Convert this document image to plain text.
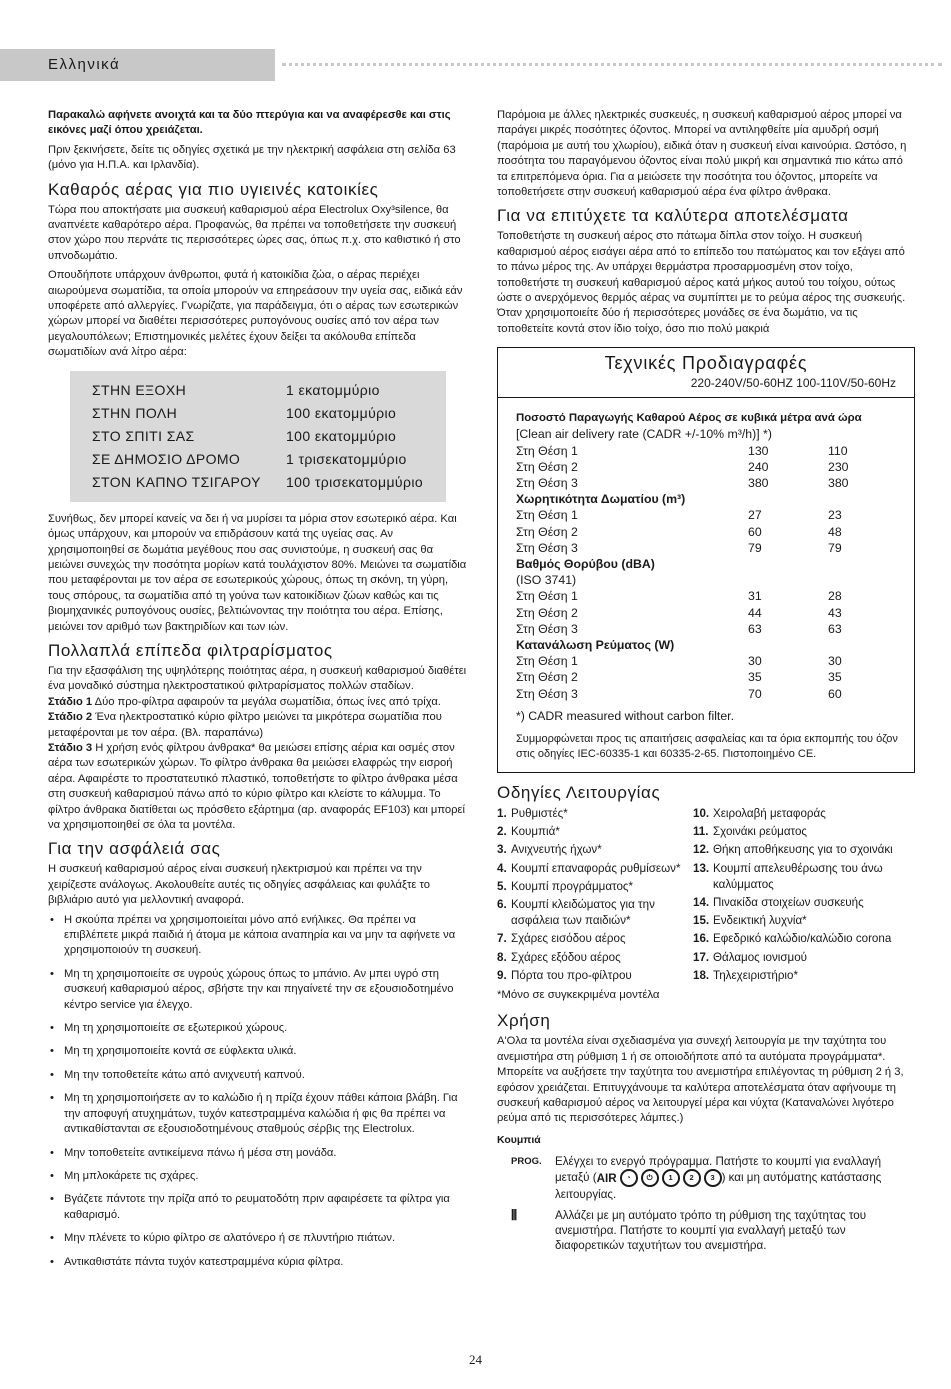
Ελληνικά

Παρακαλώ αφήνετε ανοιχτά και τα δύο πτερύγια και να αναφέρεσθε και στις εικόνες μαζί όπου χρειάζεται.

Πριν ξεκινήσετε, δείτε τις οδηγίες σχετικά με την ηλεκτρική ασφάλεια στη σελίδα 63 (μόνο για Η.Π.Α. και Ιρλανδία).

Καθαρός αέρας για πιο υγιεινές κατοικίες

Τώρα που αποκτήσατε μια συσκευή καθαρισμού αέρα Electrolux Oxy³silence, θα αναπνέετε καθαρότερο αέρα. Προφανώς, θα πρέπει να τοποθετήσετε την συσκευή στον χώρο που περνάτε τις περισσότερες ώρες σας, όπως π.χ. στο καθιστικό ή στο υπνοδωμάτιο.

Οπουδήποτε υπάρχουν άνθρωποι, φυτά ή κατοικίδια ζώα, ο αέρας περιέχει αιωρούμενα σωματίδια, τα οποία μπορούν να επηρεάσουν την υγεία σας, ειδικά εάν υποφέρετε από αλλεργίες. Γνωρίζατε, για παράδειγμα, ότι ο αέρας των εσωτερικών χώρων μπορεί να διαθέτει περισσότερες ρυπογόνους ουσίες από τον αέρα των μεγαλουπόλεων; Επιστημονικές μελέτες έχουν δείξει τα ακόλουθα επίπεδα σωματιδίων ανά λίτρο αέρα:

ΣΤΗΝ ΕΞΟΧΗ	1 εκατομμύριο
ΣΤΗΝ ΠΟΛΗ	100 εκατομμύριο
ΣΤΟ ΣΠΙΤΙ ΣΑΣ	100 εκατομμύριο
ΣΕ ΔΗΜΟΣΙΟ ΔΡΟΜΟ	1 τρισεκατομμύριο
ΣΤΟΝ ΚΑΠΝΟ ΤΣΙΓΑΡΟΥ	100 τρισεκατομμύριο

Συνήθως, δεν μπορεί κανείς να δει ή να μυρίσει τα μόρια στον εσωτερικό αέρα. Και όμως υπάρχουν, και μπορούν να επιδράσουν κατά της υγείας σας. Αν χρησιμοποιηθεί σε δωμάτια μεγέθους που σας συνιστούμε, η συσκευή σας θα μειώνει συνεχώς την ποσότητα μορίων κατά τουλάχιστον 80%. Μειώνει τα σωματίδια που μεταφέρονται με τον αέρα σε εσωτερικούς χώρους, όπως τη σκόνη, τη γύρη, τους σπόρους, τα σωματίδια από τη γούνα των κατοικίδιων ζώων καθώς και τις βιομηχανικές ρυπογόνους ουσίες, βελτιώνοντας την ποιότητα του αέρα. Επίσης, μειώνει τον αριθμό των βακτηριδίων και των ιών.

Πολλαπλά επίπεδα φιλτραρίσματος

Για την εξασφάλιση της υψηλότερης ποιότητας αέρα, η συσκευή καθαρισμού διαθέτει ένα μοναδικό σύστημα ηλεκτροστατικού φιλτραρίσματος πολλών σταδίων.

Στάδιο 1 Δύο προ-φίλτρα αφαιρούν τα μεγάλα σωματίδια, όπως ίνες από τρίχα.

Στάδιο 2 Ένα ηλεκτροστατικό κύριο φίλτρο μειώνει τα μικρότερα σωματίδια που μεταφέρονται με τον αέρα. (Βλ. παραπάνω)

Στάδιο 3 Η χρήση ενός φίλτρου άνθρακα* θα μειώσει επίσης αέρια και οσμές στον αέρα των εσωτερικών χώρων. Το φίλτρο άνθρακα θα μειώσει ελαφρώς την εισροή αέρα. Αφαιρέστε το προστατευτικό πλαστικό, τοποθετήστε το φίλτρο άνθρακα μέσα στη συσκευή καθαρισμού πάνω από το κύριο φίλτρο και κλείστε το κάλυμμα. Το φίλτρο άνθρακα διατίθεται ως πρόσθετο εξάρτημα (αρ. αναφοράς EF103) και μπορεί να χρησιμοποιηθεί σε όλα τα μοντέλα.

Για την ασφάλειά σας

Η συσκευή καθαρισμού αέρος είναι συσκευή ηλεκτρισμού και πρέπει να την χειρίζεστε ανάλογως. Ακολουθείτε αυτές τις οδηγίες ασφάλειας και φυλάξτε το βιβλιάριο αυτό για μελλοντική αναφορά.

• Η σκούπα πρέπει να χρησιμοποιείται μόνο από ενήλικες. Θα πρέπει να επιβλέπετε μικρά παιδιά ή άτομα με κάποια αναπηρία και να μην τα αφήνετε να χρησιμοποιούν τη συσκευή.
• Μη τη χρησιμοποιείτε σε υγρούς χώρους όπως το μπάνιο. Αν μπει υγρό στη συσκευή καθαρισμού αέρος, σβήστε την και πηγαίνετέ την σε εξουσιοδοτημένο κέντρο service για έλεγχο.
• Μη τη χρησιμοποιείτε σε εξωτερικού χώρους.
• Μη τη χρησιμοποιείτε κοντά σε εύφλεκτα υλικά.
• Μη την τοποθετείτε κάτω από ανιχνευτή καπνού.
• Μη τη χρησιμοποιήσετε αν το καλώδιο ή η πρίζα έχουν πάθει κάποια βλάβη. Για την αποφυγή ατυχημάτων, τυχόν κατεστραμμένα καλώδια ή φις θα πρέπει να αντικαθίστανται σε εξουσιοδοτημένους σταθμούς σέρβις της Electrolux.
• Μην τοποθετείτε αντικείμενα πάνω ή μέσα στη μονάδα.
• Μη μπλοκάρετε τις σχάρες.
• Βγάζετε πάντοτε την πρίζα από το ρευματοδότη πριν αφαιρέσετε τα φίλτρα για καθαρισμό.
• Μην πλένετε το κύριο φίλτρο σε αλατόνερο ή σε πλυντήριο πιάτων.
• Αντικαθιστάτε πάντα τυχόν κατεστραμμένα κύρια φίλτρα.

Παρόμοια με άλλες ηλεκτρικές συσκευές, η συσκευή καθαρισμού αέρος μπορεί να παράγει μικρές ποσότητες όζοντος. Μπορεί να αντιληφθείτε μία αμυδρή οσμή (παρόμοια με αυτή του χλωρίου), ειδικά όταν η συσκευή είναι καινούρια. Ωστόσο, η ποσότητα του παραγόμενου όζοντος είναι πολύ μικρή και σημαντικά πιο κάτω από τα επιτρεπόμενα όρια. Για α μειώσετε την ποσότητα του όζοντος, μπορείτε να τοποθετήσετε στην συσκευή καθαρισμού αέρα ένα φίλτρο άνθρακα.

Για να επιτύχετε τα καλύτερα αποτελέσματα

Τοποθετήστε τη συσκευή αέρος στο πάτωμα δίπλα στον τοίχο. Η συσκευή καθαρισμού αέρος εισάγει αέρα από το επίπεδο του πατώματος και τον εξάγει από το πάνω μέρος της. Αν υπάρχει θερμάστρα προσαρμοσμένη στον τοίχο, τοποθετήστε τη συσκευή καθαρισμού αέρος κατά μήκος αυτού του τοίχου, ούτως ώστε ο ανερχόμενος θερμός αέρας να συμπίπτει με το ρεύμα αέρος της συσκευής. Όταν χρησιμοποιείτε δύο ή περισσότερες μονάδες σε ένα δωμάτιο, να τις τοποθετείτε κοντά στον ίδιο τοίχο, όσο πιο πολύ μακριά

Τεχνικές Προδιαγραφές
220-240V/50-60HZ 100-110V/50-60Hz
Ποσοστό Παραγωγής Καθαρού Αέρος σε κυβικά μέτρα ανά ώρα
[Clean air delivery rate (CADR +/-10% m³/h)] *)
Στη Θέση 1	130	110
Στη Θέση 2	240	230
Στη Θέση 3	380	380
Χωρητικότητα Δωματίου (m³)
Στη Θέση 1	27	23
Στη Θέση 2	60	48
Στη Θέση 3	79	79
Βαθμός Θορύβου (dBA)
(ISO 3741)
Στη Θέση 1	31	28
Στη Θέση 2	44	43
Στη Θέση 3	63	63
Κατανάλωση Ρεύματος (W)
Στη Θέση 1	30	30
Στη Θέση 2	35	35
Στη Θέση 3	70	60
*) CADR measured without carbon filter.
Συμμορφώνεται προς τις απαιτήσεις ασφαλείας και τα όρια εκπομπής του όζον στις οδηγίες IEC-60335-1 και 60335-2-65. Πιστοποιημένο CE.
Οδηγίες Λειτουργίας
1. Ρυθμιστές*
2. Κουμπιά*
3. Ανιχνευτής ήχων*
4. Κουμπί επαναφοράς ρυθμίσεων*
5. Κουμπί προγράμματος*
6. Κουμπί κλειδώματος για την ασφάλεια των παιδιών*
7. Σχάρες εισόδου αέρος
8. Σχάρες εξόδου αέρος
9. Πόρτα του προ-φίλτρου
10. Χειρολαβή μεταφοράς
11. Σχοινάκι ρεύματος
12. Θήκη αποθήκευσης για το σχοινάκι
13. Κουμπί απελευθέρωσης του άνω καλύμματος
14. Πινακίδα στοιχείων συσκευής
15. Ενδεικτική λυχνία*
16. Εφεδρικό καλώδιο/καλώδιο corona
17. Θάλαμος ιονισμού
18. Τηλεχειριστήριο*

*Μόνο σε συγκεκριμένα μοντέλα

Χρήση

Α'Ολα τα μοντέλα είναι σχεδιασμένα για συνεχή λειτουργία με την ταχύτητα του ανεμιστήρα στη ρύθμιση 1 ή σε οποιοδήποτε από τα αυτόματα προγράμματα*. Μπορείτε να αυξήσετε την ταχύτητα του ανεμιστήρα επιλέγοντας τη ρύθμιση 2 ή 3, εφόσον χρειάζεται. Επιτυγχάνουμε τα καλύτερα αποτελέσματα όταν αφήνουμε τη συσκευή καθαρισμού αέρος να λειτουργεί μέρα και νύχτα (Καταναλώνει λιγότερο ρεύμα από τις περισσότερες λάμπες.)

Κουμπιά
PROG.	Ελέγχει το ενεργό πρόγραμμα. Πατήστε το κουμπί για εναλλαγή μεταξύ ( AIR	◔	⏻	1	2	3 ) και μη αυτόματης κατάστασης λειτουργίας.
⦀	Αλλάζει με μη αυτόματο τρόπο τη ρύθμιση της ταχύτητας του ανεμιστήρα. Πατήστε το κουμπί για εναλλαγή μεταξύ των διαφορετικών ταχυτήτων του ανεμιστήρα.
24
